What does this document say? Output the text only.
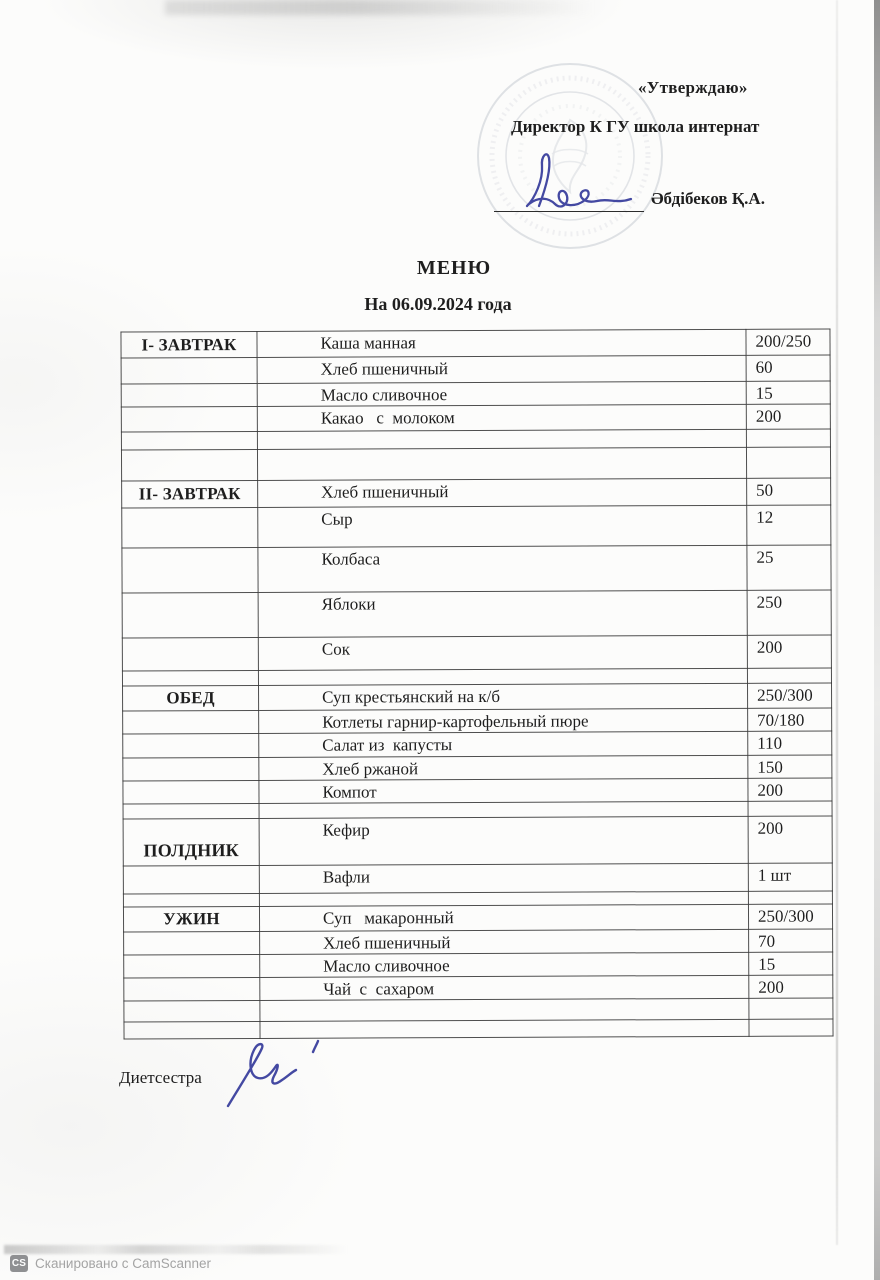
«Утверждаю»
Директор К ГУ школа интернат
Әбдібеков Қ.А.
МЕНЮ
На 06.09.2024 года
I- ЗАВТРАК	Каша манная	200/250
	Хлеб пшеничный	60
	Масло сливочное	15
	Какао   с  молоком	200

II- ЗАВТРАК	Хлеб пшеничный	50
	Сыр	12
	Колбаса	25
	Яблоки	250
	Сок	200

ОБЕД	Суп крестьянский на к/б	250/300
	Котлеты гарнир-картофельный пюре	70/180
	Салат из  капусты	110
	Хлеб ржаной	150
	Компот	200

ПОЛДНИК	Кефир	200
	Вафли	1 шт

УЖИН	Суп   макаронный	250/300
	Хлеб пшеничный	70
	Масло сливочное	15
	Чай  с  сахаром	200

Диетсестра
CS Сканировано с CamScanner
